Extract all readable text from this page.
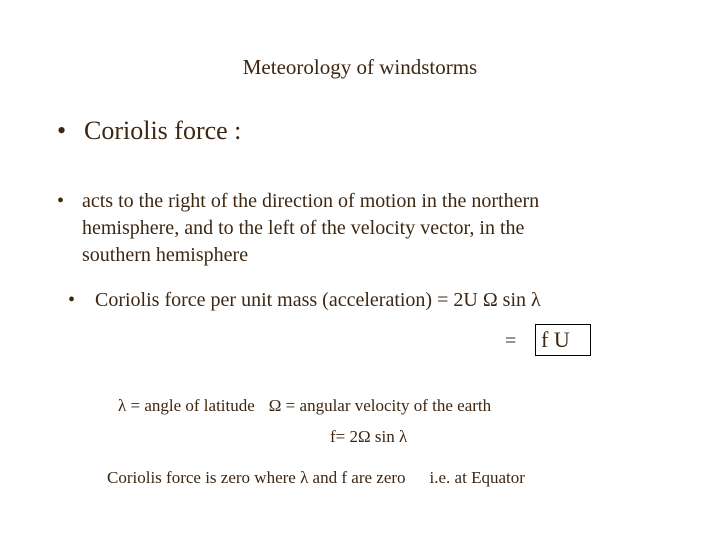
Meteorology of windstorms
• Coriolis force :
• acts to the right of the direction of motion in the northern
hemisphere, and to the left of the velocity vector, in the
southern hemisphere
• Coriolis force per unit mass (acceleration) = 2U Ω sin λ
= f U
λ = angle of latitude Ω = angular velocity of the earth
f= 2Ω sin λ
Coriolis force is zero where λ and f are zero i.e. at Equator
